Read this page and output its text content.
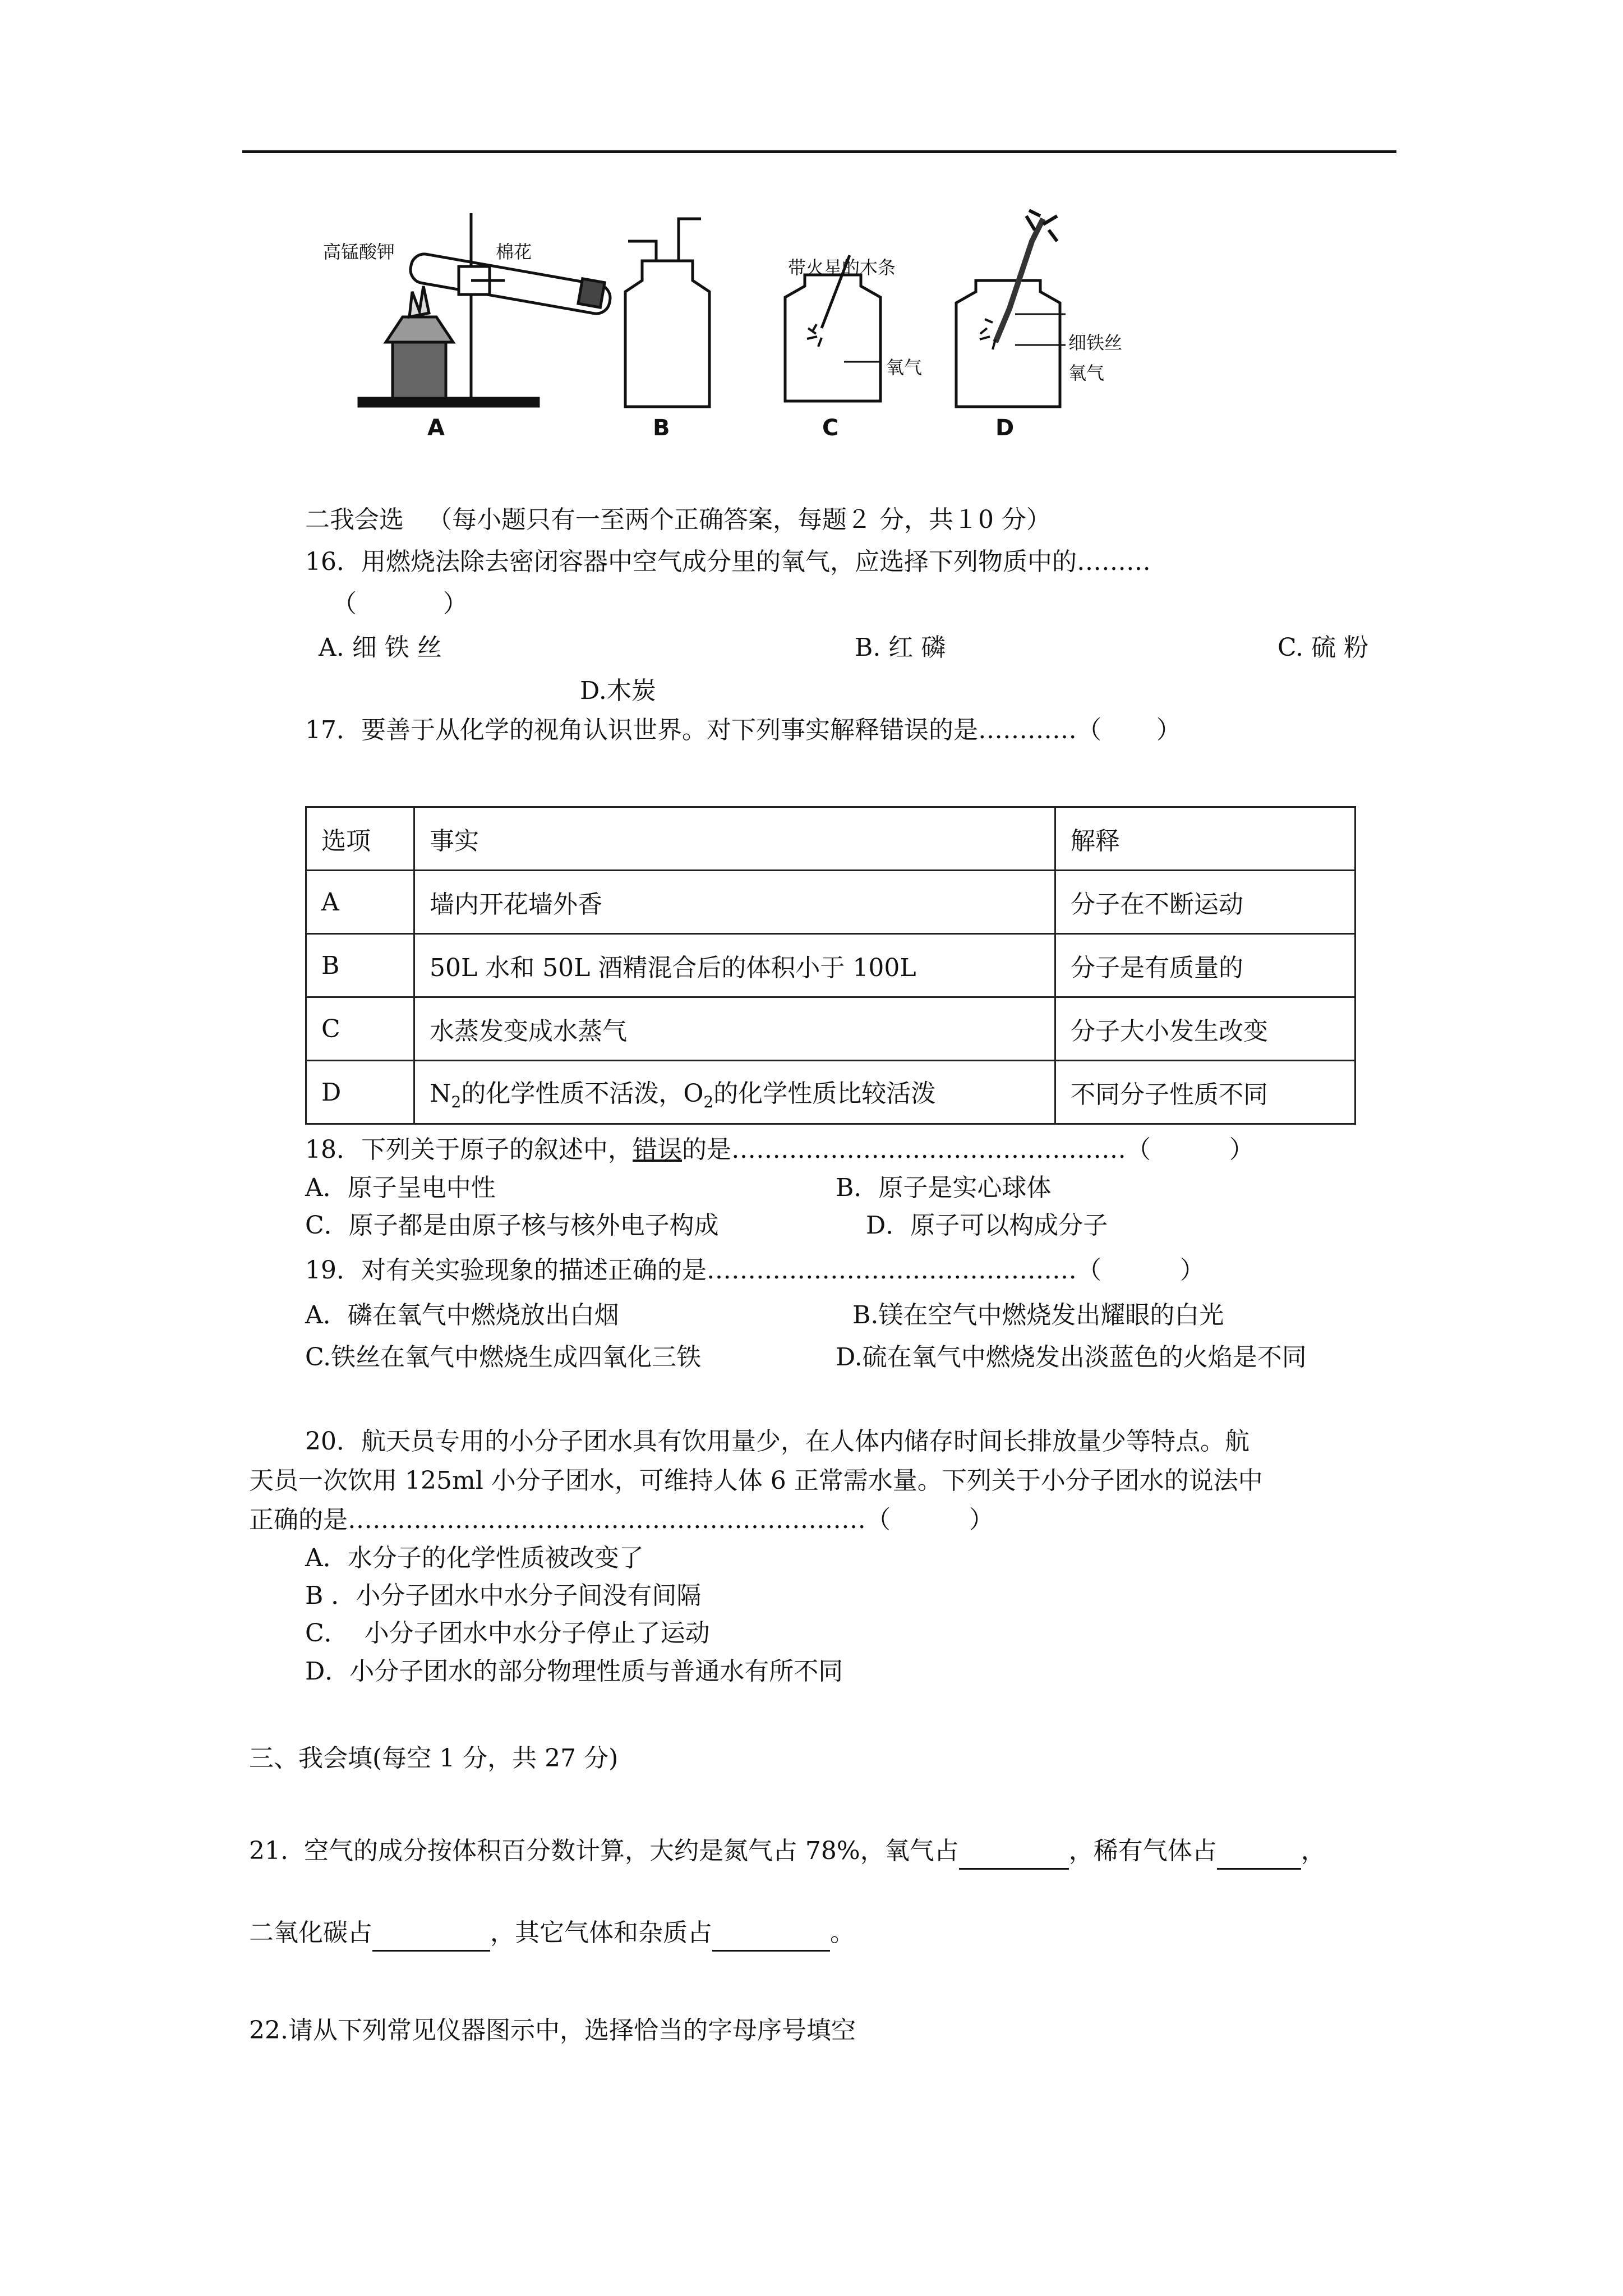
高锰酸钾	棉花
带火星的木条
氧气
细铁丝
氧气
A	B	C	D
二我会选   （每小题只有一至两个正确答案，每题２ 分，共１0 分）
16．用燃烧法除去密闭容器中空气成分里的氧气，应选择下列物质中的………
（           ）
A. 细 铁 丝	B. 红 磷	C. 硫 粉
D.木炭
17．要善于从化学的视角认识世界。对下列事实解释错误的是…………（       ）
选项	事实	解释
A	墙内开花墙外香	分子在不断运动
B	50L 水和 50L 酒精混合后的体积小于 100L	分子是有质量的
C	水蒸发变成水蒸气	分子大小发生改变
D	$N_2$的化学性质不活泼，$O_2$的化学性质比较活泼	不同分子性质不同
18．下列关于原子的叙述中，错误的是…………………………………………（          ）
A．原子呈电中性	B．原子是实心球体
C．原子都是由原子核与核外电子构成	D．原子可以构成分子
19．对有关实验现象的描述正确的是………………………………………（          ）
A．磷在氧气中燃烧放出白烟	B.镁在空气中燃烧发出耀眼的白光
C.铁丝在氧气中燃烧生成四氧化三铁	D.硫在氧气中燃烧发出淡蓝色的火焰是不同
20．航天员专用的小分子团水具有饮用量少，在人体内储存时间长排放量少等特点。航
天员一次饮用 125ml 小分子团水，可维持人体 6 正常需水量。下列关于小分子团水的说法中
正确的是………………………………………………………（          ）
A．水分子的化学性质被改变了
B ．小分子团水中水分子间没有间隔
C．  小分子团水中水分子停止了运动
D．小分子团水的部分物理性质与普通水有所不同
三、我会填(每空 1 分，共 27 分)
21.  空气的成分按体积百分数计算，大约是氮气占 78%，氧气占	，稀有气体占	，
二氧化碳占	，其它气体和杂质占	。
22.请从下列常见仪器图示中，选择恰当的字母序号填空
